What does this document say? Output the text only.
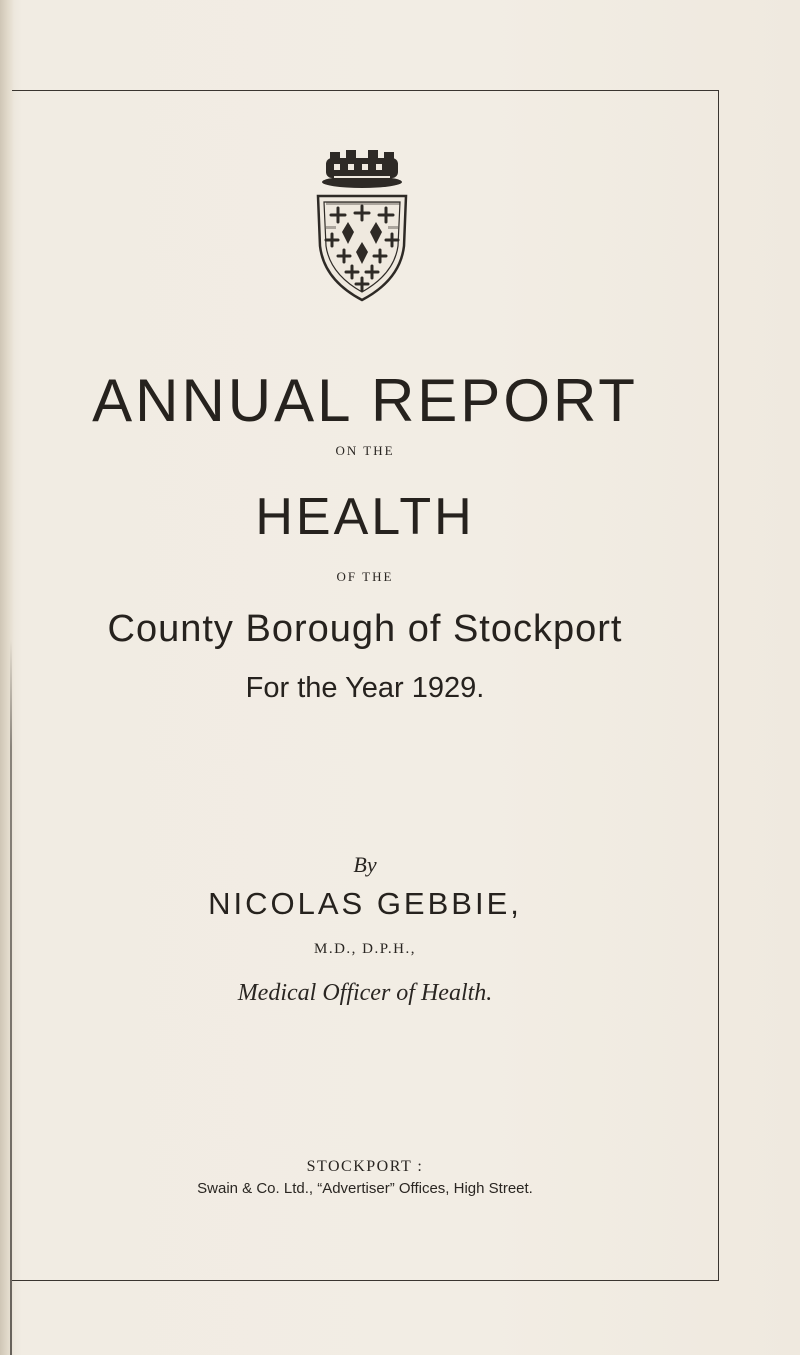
ANNUAL REPORT
ON THE
HEALTH
OF THE
County Borough of Stockport
For the Year 1929.
By
NICOLAS GEBBIE,
M.D., D.P.H.,
Medical Officer of Health.
STOCKPORT :
Swain & Co. Ltd., “Advertiser” Offices, High Street.
